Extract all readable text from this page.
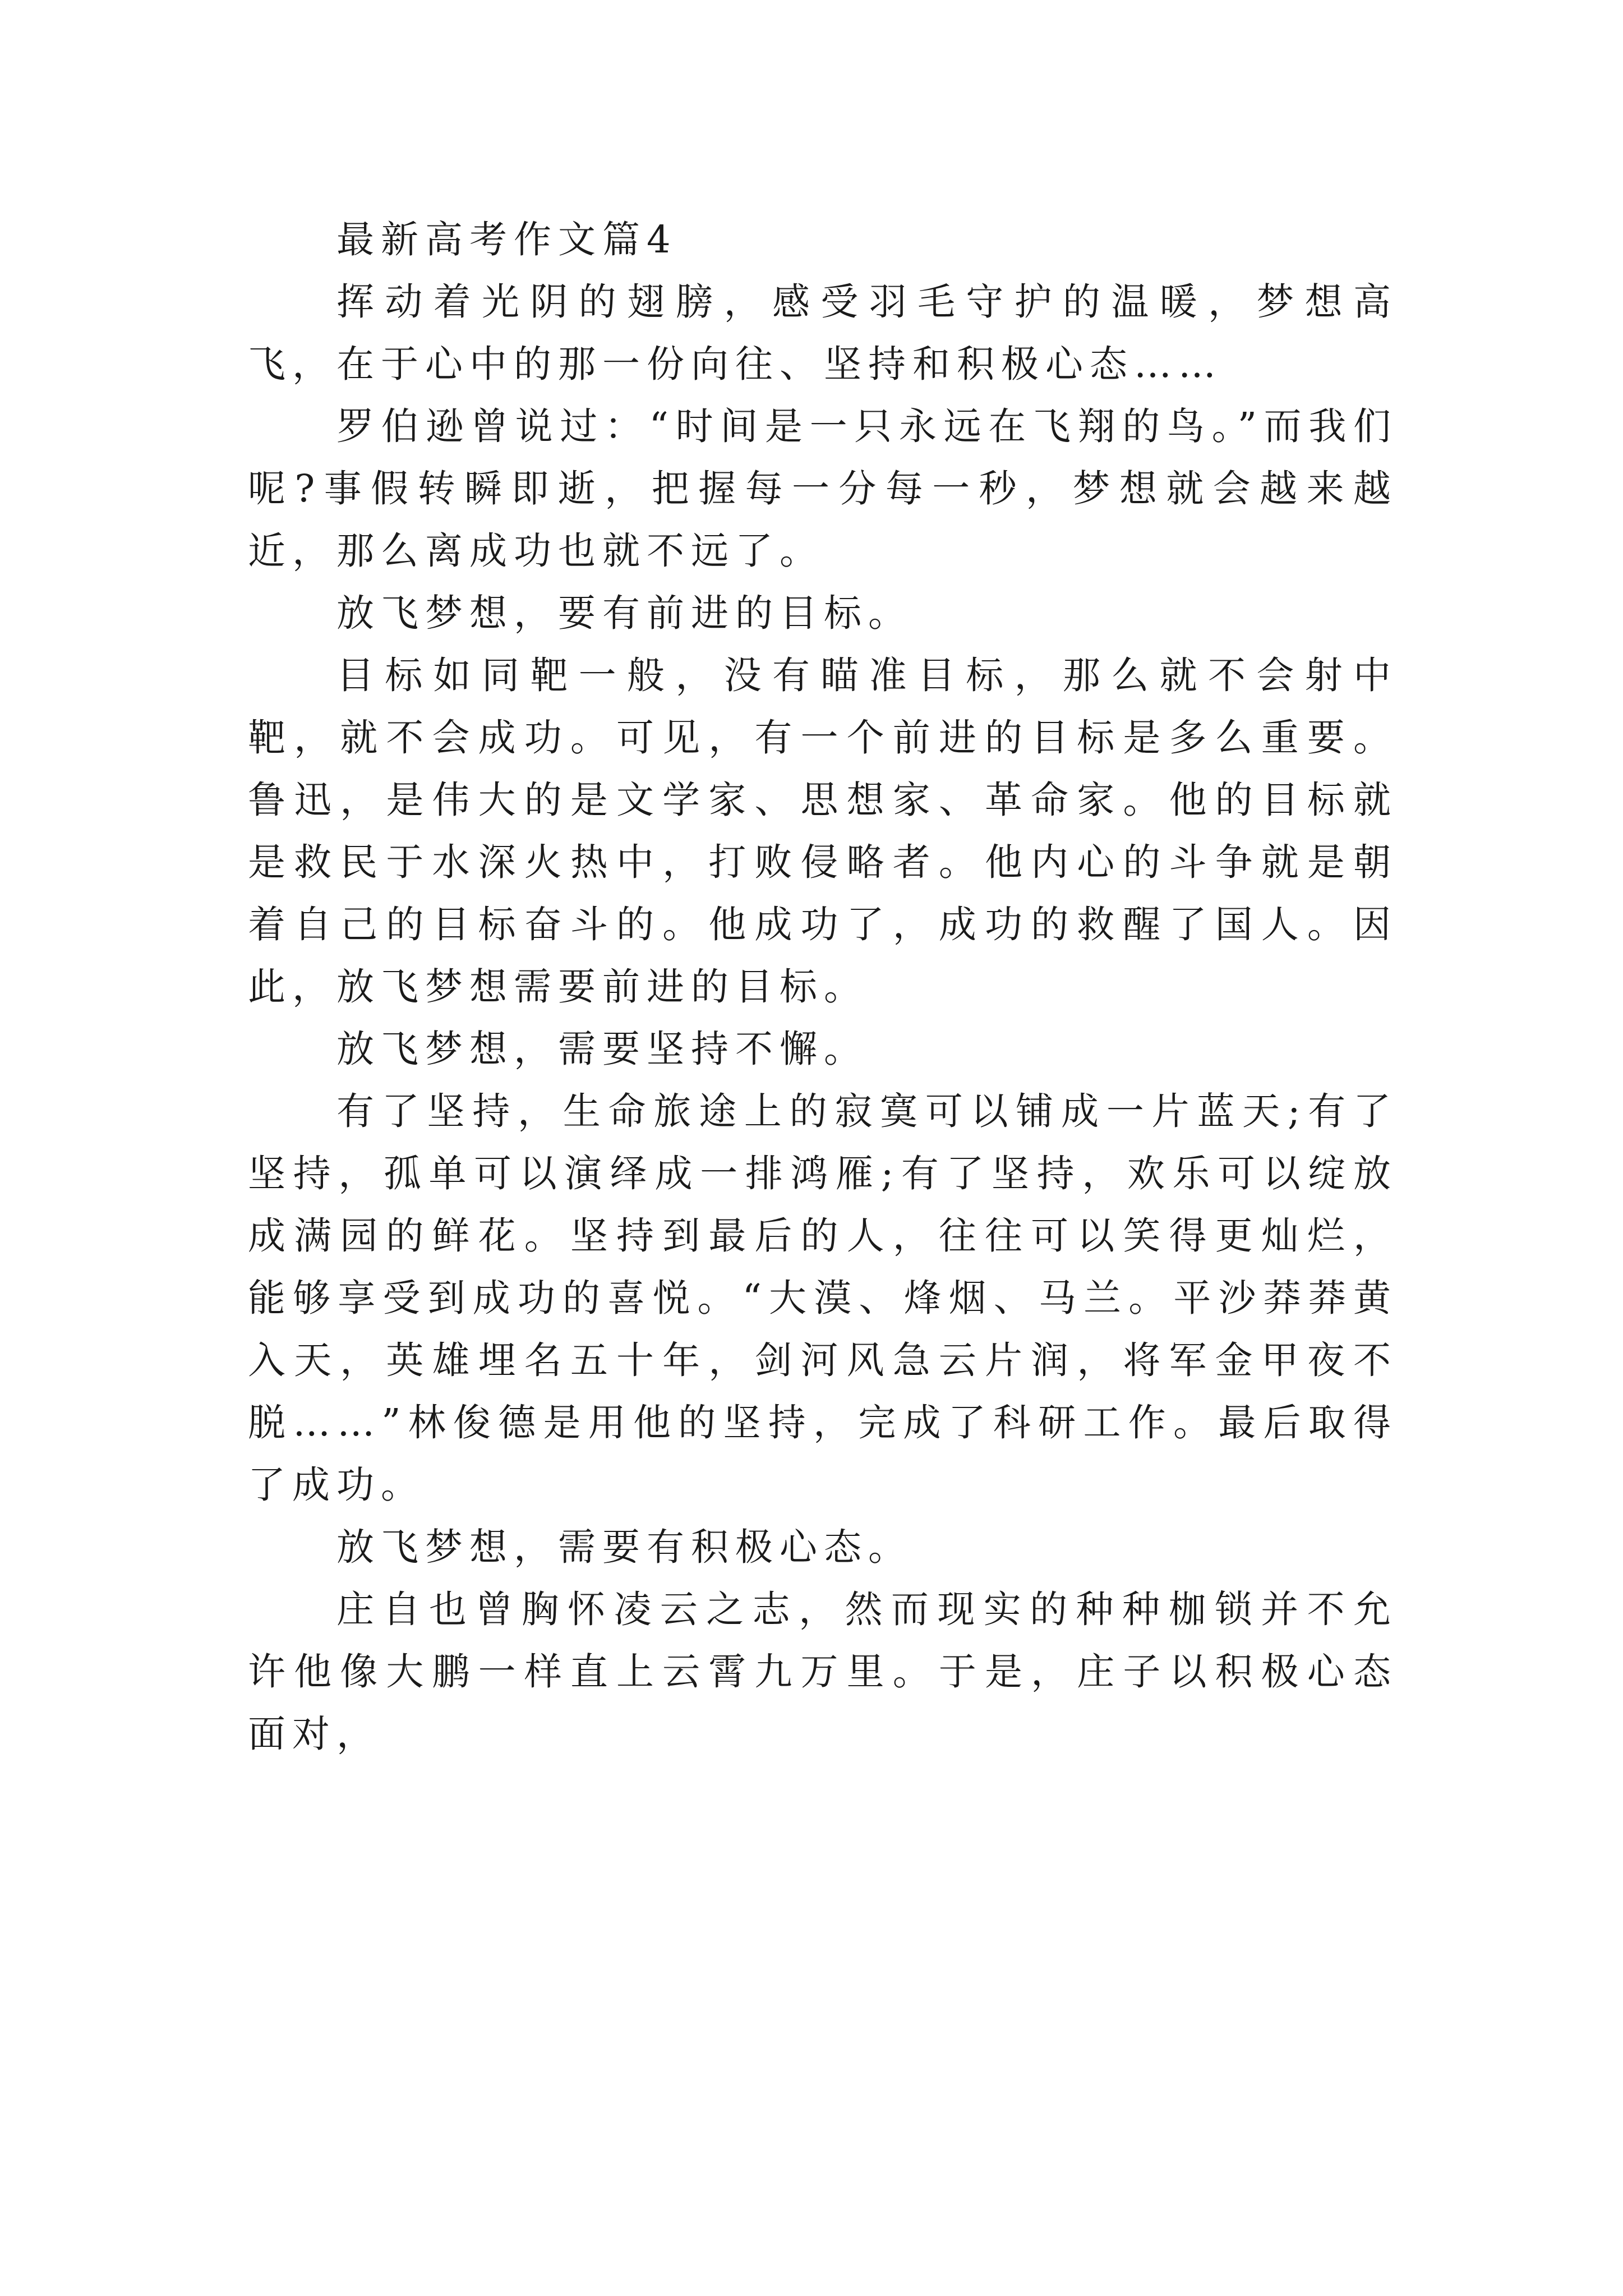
最新高考作文篇4

挥动着光阴的翅膀，感受羽毛守护的温暖，梦想高飞，在于心中的那一份向往、坚持和积极心态……

罗伯逊曾说过：“时间是一只永远在飞翔的鸟。”而我们呢?事假转瞬即逝，把握每一分每一秒，梦想就会越来越近，那么离成功也就不远了。

放飞梦想，要有前进的目标。

目标如同靶一般，没有瞄准目标，那么就不会射中靶，就不会成功。可见，有一个前进的目标是多么重要。鲁迅，是伟大的是文学家、思想家、革命家。他的目标就是救民于水深火热中，打败侵略者。他内心的斗争就是朝着自己的目标奋斗的。他成功了，成功的救醒了国人。因此，放飞梦想需要前进的目标。

放飞梦想，需要坚持不懈。

有了坚持，生命旅途上的寂寞可以铺成一片蓝天;有了坚持，孤单可以演绎成一排鸿雁;有了坚持，欢乐可以绽放成满园的鲜花。坚持到最后的人，往往可以笑得更灿烂，能够享受到成功的喜悦。“大漠、烽烟、马兰。平沙莽莽黄入天，英雄埋名五十年，剑河风急云片润，将军金甲夜不脱……”林俊德是用他的坚持，完成了科研工作。最后取得了成功。

放飞梦想，需要有积极心态。

庄自也曾胸怀凌云之志，然而现实的种种枷锁并不允许他像大鹏一样直上云霄九万里。于是，庄子以积极心态面对，
